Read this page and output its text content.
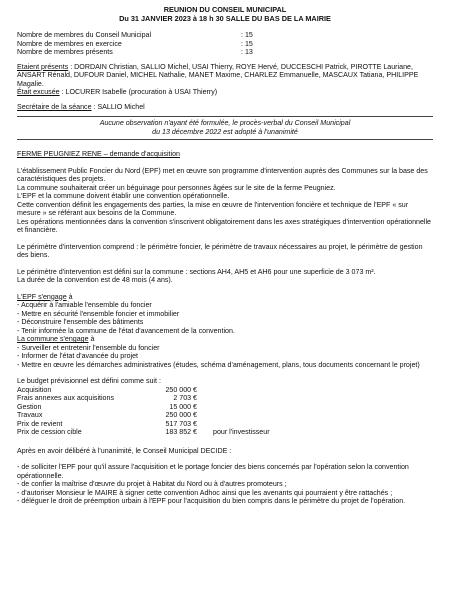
REUNION DU CONSEIL MUNICIPAL
Du 31 JANVIER 2023 à 18 h 30 SALLE DU BAS DE LA MAIRIE
Nombre de membres du Conseil Municipal	: 15
Nombre de membres en exercice	: 15
Nombre de membres présents	: 13

Etaient présents : DORDAIN Christian, SALLIO Michel, USAI Thierry, ROYE Hervé, DUCCESCHI Patrick, PIROTTE Lauriane, ANSART Rénald, DUFOUR Daniel, MICHEL Nathalie, MANET Maxime, CHARLEZ Emmanuelle, MASCAUX Tatiana, PHILIPPE Magalie.

Était excusée : LOCURER Isabelle (procuration à USAI Thierry)

Secrétaire de la séance : SALLIO Michel

Aucune observation n'ayant été formulée, le procès-verbal du Conseil Municipal
du 13 décembre 2022 est adopté à l'unanimité

FERME PEUGNIEZ RENE – demande d'acquisition

L'établissement Public Foncier du Nord (EPF) met en œuvre son programme d'intervention auprès des Communes sur la base des caractéristiques des projets.

La commune souhaiterait créer un béguinage pour personnes âgées sur le site de la ferme Peugniez.

L'EPF et la commune doivent établir une convention opérationnelle.

Cette convention définit les engagements des parties, la mise en œuvre de l'intervention foncière et technique de l'EPF « sur mesure » se référant aux besoins de la Commune.

Les opérations mentionnées dans la convention s'inscrivent obligatoirement dans les axes stratégiques d'intervention opérationnelle et financière.

Le périmètre d'intervention comprend : le périmètre foncier, le périmètre de travaux nécessaires au projet, le périmètre de gestion des biens.

Le périmètre d'intervention est défini sur la commune : sections AH4, AH5 et AH6 pour une superficie de 3 073 m².

La durée de la convention est de 48 mois (4 ans).

L'EPF s'engage à

- Acquérir à l'amiable l'ensemble du foncier
- Mettre en sécurité l'ensemble foncier et immobilier
- Déconstruire l'ensemble des bâtiments
- Tenir informée la commune de l'état d'avancement de la convention.

La commune s'engage à

- Surveiller et entretenir l'ensemble du foncier
- Informer de l'état d'avancée du projet
- Mettre en œuvre les démarches administratives (études, schéma d'aménagement, plans, tous documents concernant le projet)

Le budget prévisionnel est défini comme suit :

Acquisition	250 000 €
Frais annexes aux acquisitions	2 703 €
Gestion	15 000 €
Travaux	250 000 €
Prix de revient	517 703 €
Prix de cession cible	183 852 € pour l'investisseur

Après en avoir délibéré à l'unanimité, le Conseil Municipal DECIDE :

- de solliciter l'EPF pour qu'il assure l'acquisition et le portage foncier des biens concernés par l'opération selon la convention opérationnelle.
- de confier la maîtrise d'œuvre du projet à Habitat du Nord ou à d'autres promoteurs ;
- d'autoriser Monsieur le MAIRE à signer cette convention Adhoc ainsi que les avenants qui pourraient y être rattachés ;
- déléguer le droit de préemption urbain à l'EPF pour l'acquisition du bien compris dans le périmètre du projet de l'opération.
